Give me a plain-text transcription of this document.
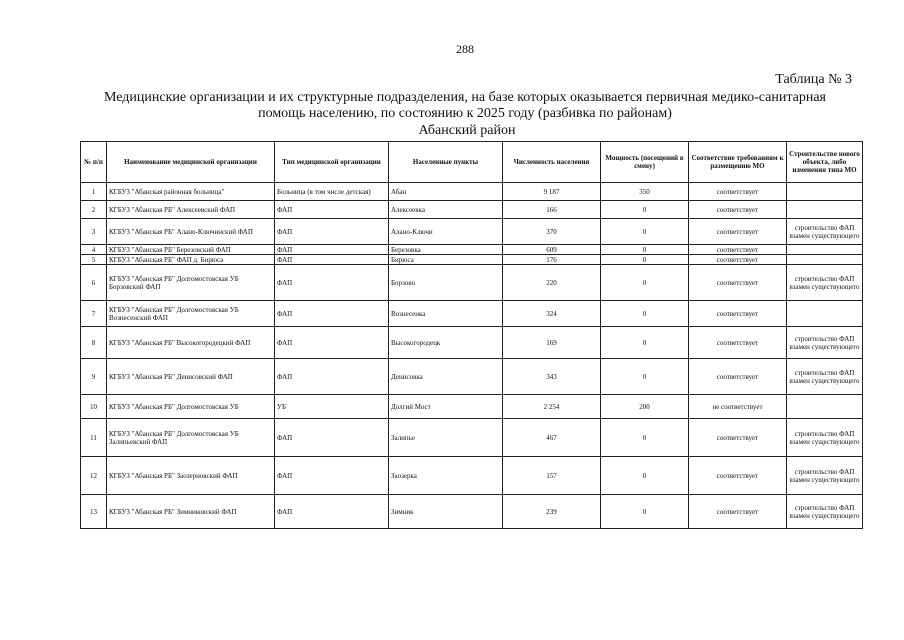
288
Таблица № 3
Медицинские организации и их структурные подразделения, на базе которых оказывается первичная медико-санитарная помощь населению, по состоянию к 2025 году (разбивка по районам)
Абанский район
№ п/п	Наименование медицинской организации	Тип медицинской организации	Населенные пункты	Численность населения	Мощность (посещений в смену)	Соответствие требованиям к размещению МО	Строительство нового объекта, либо изменения типа МО
1	КГБУЗ "Абанская районная больница"	Больница (в том числе детская)	Абан	9 187	350	соответствует	
2	КГБУЗ "Абанская РБ" Алексеевский ФАП	ФАП	Алексеевка	166	0	соответствует	
3	КГБУЗ "Абанская РБ" Алано-Ключинский ФАП	ФАП	Алано-Ключи	370	0	соответствует	строительство ФАП взамен существующего
4	КГБУЗ "Абанская РБ" Березовский ФАП	ФАП	Березовка	609	0	соответствует	
5	КГБУЗ "Абанская РБ" ФАП д. Бирюса	ФАП	Бирюса	176	0	соответствует	
6	КГБУЗ "Абанская РБ" Долгомостовская УБ Борзовский ФАП	ФАП	Борзово	220	0	соответствует	строительство ФАП взамен существующего
7	КГБУЗ "Абанская РБ" Долгомостовская УБ Вознесенский ФАП	ФАП	Вознесенка	324	0	соответствует	
8	КГБУЗ "Абанская РБ" Высокогородецкий ФАП	ФАП	Высокогородецк	169	0	соответствует	строительство ФАП взамен существующего
9	КГБУЗ "Абанская РБ" Денисовский ФАП	ФАП	Денисовка	343	0	соответствует	строительство ФАП взамен существующего
10	КГБУЗ "Абанская РБ" Долгомостовская УБ	УБ	Долгий Мост	2 254	200	не соответствует	
11	КГБУЗ "Абанская РБ" Долгомостовская УБ Залипьевский ФАП	ФАП	Залипье	467	0	соответствует	строительство ФАП взамен существующего
12	КГБУЗ "Абанская РБ" Заозерновский ФАП	ФАП	Заозерка	157	0	соответствует	строительство ФАП взамен существующего
13	КГБУЗ "Абанская РБ" Зимниковский ФАП	ФАП	Зимник	239	0	соответствует	строительство ФАП взамен существующего
